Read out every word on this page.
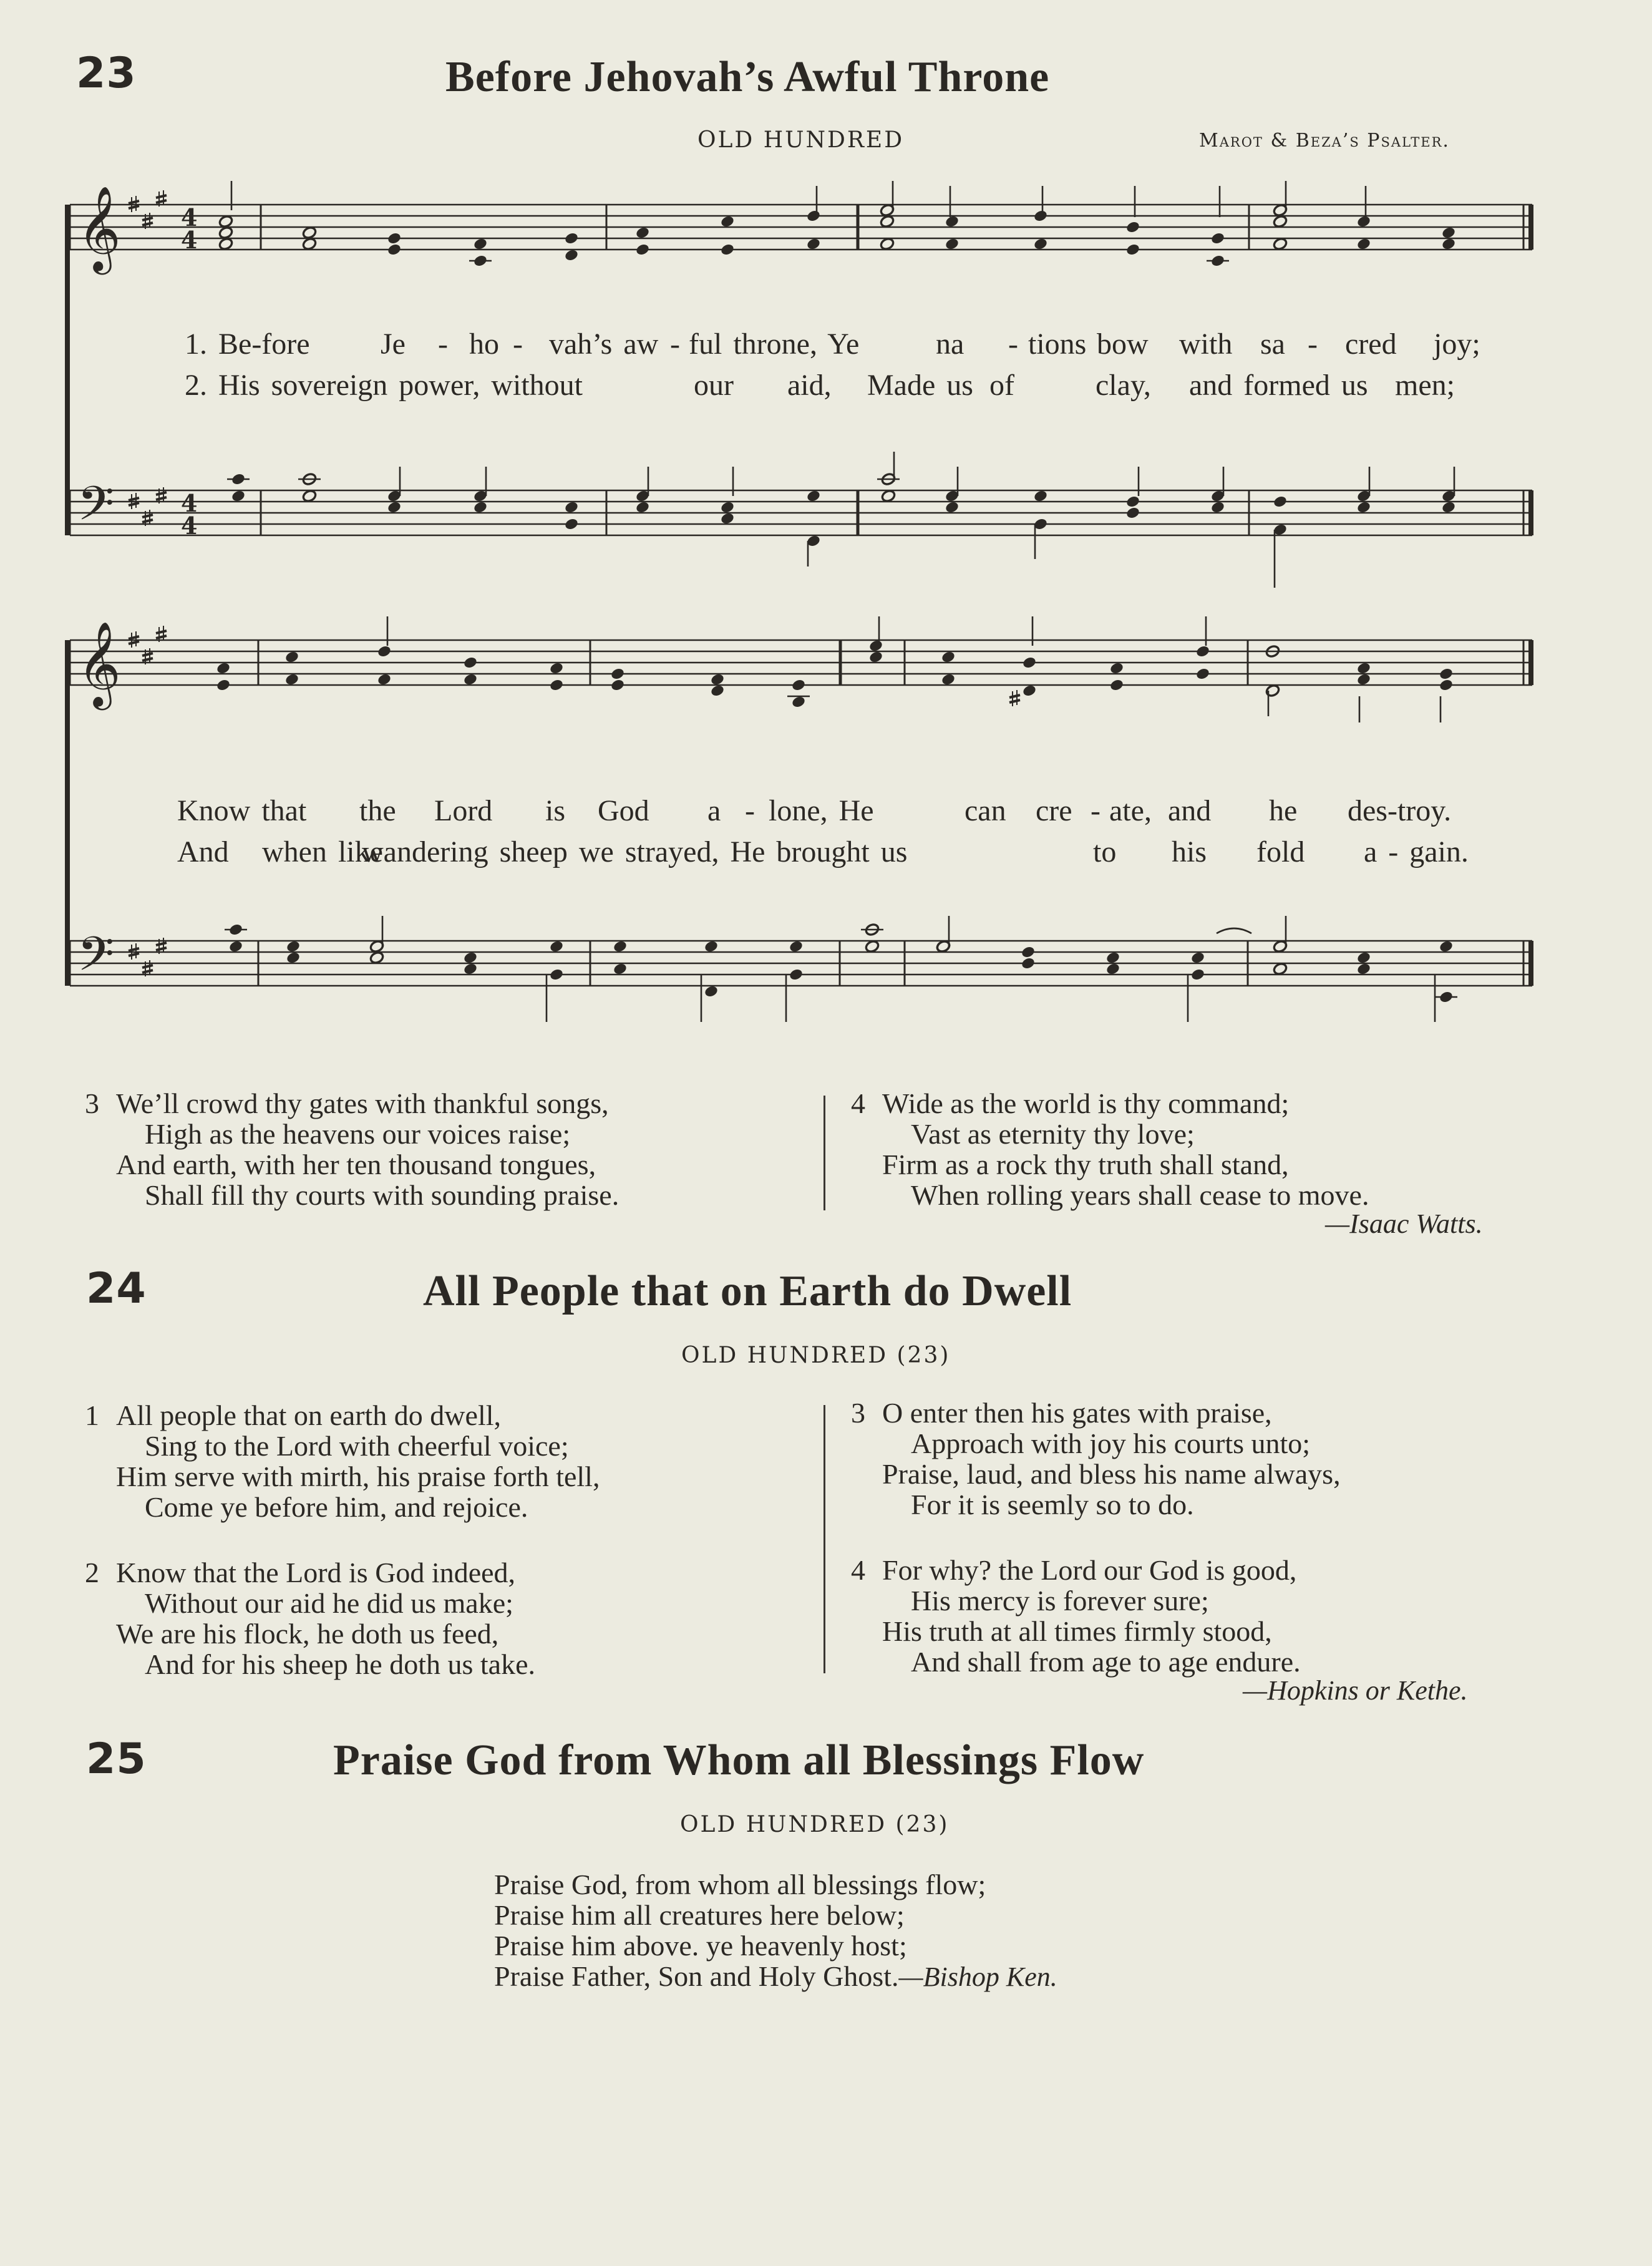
23	Before Jehovah’s Awful Throne
OLD HUNDRED	Marot & Beza’s Psalter.
𝄞
𝄢
4
4
4
4
𝄞
𝄢
1. Be-fore Je - ho - vah’s aw - ful throne, Ye	na - tions bow with sa - cred joy;
2. His sovereign power, without	our aid, Made us of	clay, and formed us men;
Know that the Lord is God a - lone, He	can cre - ate, and he des-troy.
And when like
wandering sheep we strayed, He brought us	to his fold a - gain.
3 We’ll crowd thy gates with thankful songs,
High as the heavens our voices raise;
And earth, with her ten thousand tongues,
Shall fill thy courts with sounding praise.
4 Wide as the world is thy command;
Vast as eternity thy love;
Firm as a rock thy truth shall stand,
When rolling years shall cease to move.
—Isaac Watts.
24	All People that on Earth do Dwell
OLD HUNDRED (23)
1 All people that on earth do dwell,
Sing to the Lord with cheerful voice;
Him serve with mirth, his praise forth tell,
Come ye before him, and rejoice.
2 Know that the Lord is God indeed,
Without our aid he did us make;
We are his flock, he doth us feed,
And for his sheep he doth us take.
3 O enter then his gates with praise,
Approach with joy his courts unto;
Praise, laud, and bless his name always,
For it is seemly so to do.
4 For why? the Lord our God is good,
His mercy is forever sure;
His truth at all times firmly stood,
And shall from age to age endure.
—Hopkins or Kethe.
25	Praise God from Whom all Blessings Flow
OLD HUNDRED (23)
Praise God, from whom all blessings flow;
Praise him all creatures here below;
Praise him above. ye heavenly host;
Praise Father, Son and Holy Ghost.—Bishop Ken.
